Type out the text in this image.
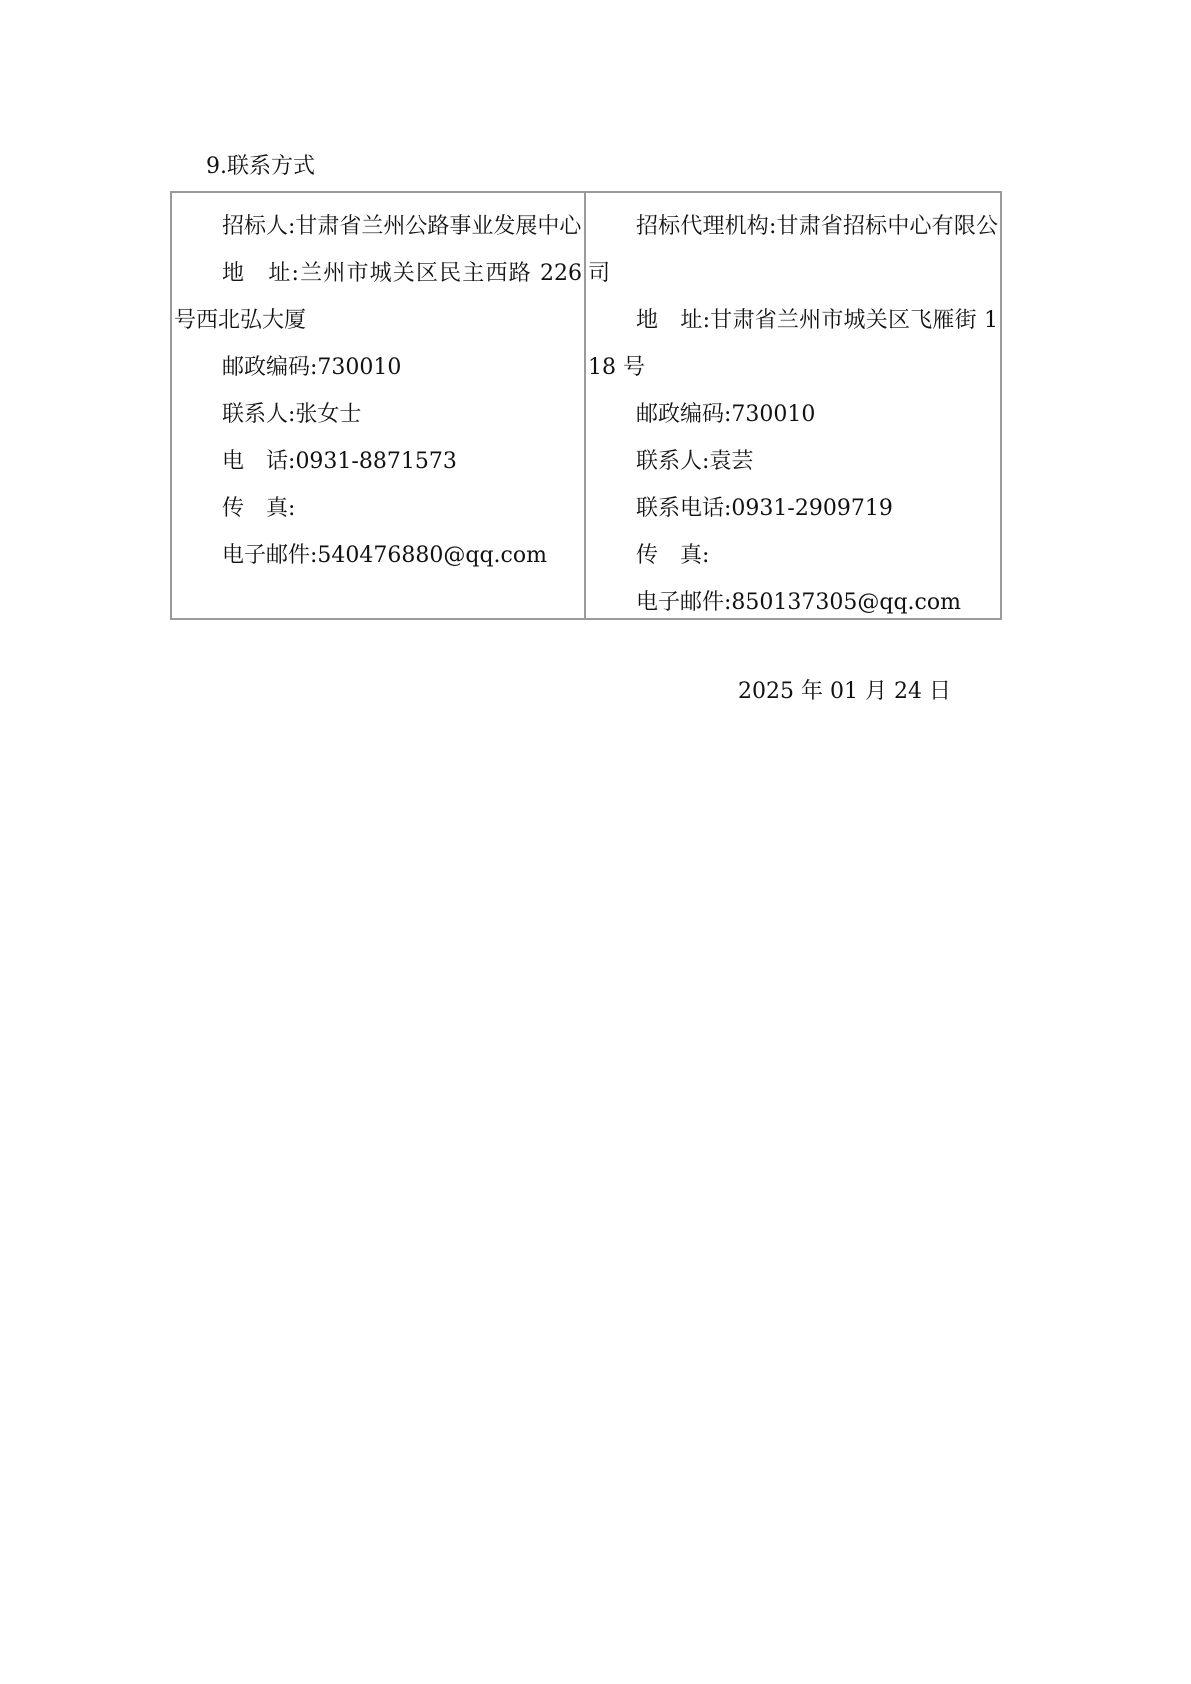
9.联系方式

招标人:甘肃省兰州公路事业发展中心

地 址:兰州市城关区民主西路 226 号西北弘大厦

邮政编码:730010

联系人:张女士

电 话:0931-8871573

传 真:

电子邮件:540476880@qq.com

招标代理机构:甘肃省招标中心有限公司

地 址:甘肃省兰州市城关区飞雁街 118 号

邮政编码:730010

联系人:袁芸

联系电话:0931-2909719

传 真:

电子邮件:850137305@qq.com

2025 年 01 月 24 日
